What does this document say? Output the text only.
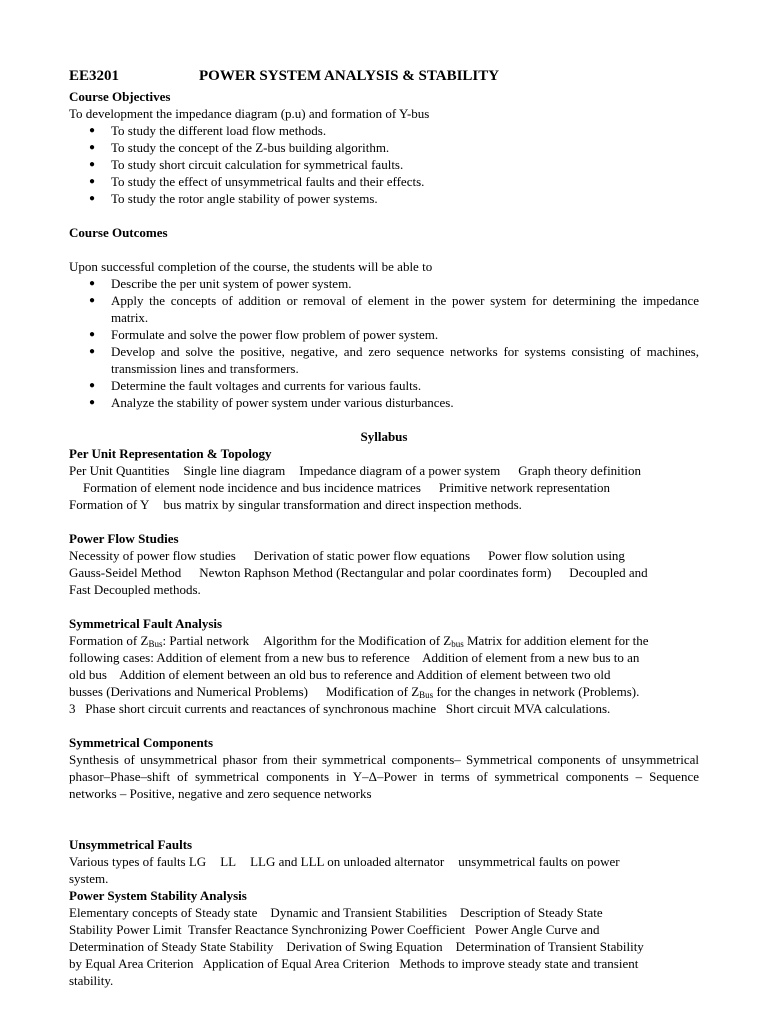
EE3201	POWER SYSTEM ANALYSIS & STABILITY
Course Objectives
To development the impedance diagram (p.u) and formation of Y-bus
● To study the different load flow methods.
● To study the concept of the Z-bus building algorithm.
● To study short circuit calculation for symmetrical faults.
● To study the effect of unsymmetrical faults and their effects.
● To study the rotor angle stability of power systems.
Course Outcomes
Upon successful completion of the course, the students will be able to
● Describe the per unit system of power system.
● Apply the concepts of addition or removal of element in the power system for determining the impedance matrix.
● Formulate and solve the power flow problem of power system.
● Develop and solve the positive, negative, and zero sequence networks for systems consisting of machines, transmission lines and transformers.
● Determine the fault voltages and currents for various faults.
● Analyze the stability of power system under various disturbances.
Syllabus
Per Unit Representation & Topology
Per Unit Quantities Single line diagram Impedance diagram of a power system Graph theory definition
Formation of element node incidence and bus incidence matrices Primitive network representation
Formation of Y bus matrix by singular transformation and direct inspection methods.
Power Flow Studies
Necessity of power flow studies Derivation of static power flow equations Power flow solution using
Gauss-Seidel Method Newton Raphson Method (Rectangular and polar coordinates form) Decoupled and
Fast Decoupled methods.
Symmetrical Fault Analysis
Formation of $Z_{Bus}$: Partial network Algorithm for the Modification of $Z_{bus}$ Matrix for addition element for the
following cases: Addition of element from a new bus to reference    Addition of element from a new bus to an
old bus    Addition of element between an old bus to reference and Addition of element between two old
busses (Derivations and Numerical Problems) Modification of $Z_{Bus}$ for the changes in network (Problems).
3   Phase short circuit currents and reactances of synchronous machine Short circuit MVA calculations.
Symmetrical Components
Synthesis of unsymmetrical phasor from their symmetrical components– Symmetrical components of unsymmetrical phasor–Phase–shift of symmetrical components in Y–Δ–Power in terms of symmetrical components – Sequence networks – Positive, negative and zero sequence networks
Unsymmetrical Faults
Various types of faults LG LL LLG and LLL on unloaded alternator unsymmetrical faults on power
system.
Power System Stability Analysis
Elementary concepts of Steady state    Dynamic and Transient Stabilities    Description of Steady State
Stability Power Limit  Transfer Reactance Synchronizing Power Coefficient   Power Angle Curve and
Determination of Steady State Stability    Derivation of Swing Equation    Determination of Transient Stability
by Equal Area Criterion   Application of Equal Area Criterion   Methods to improve steady state and transient
stability.
